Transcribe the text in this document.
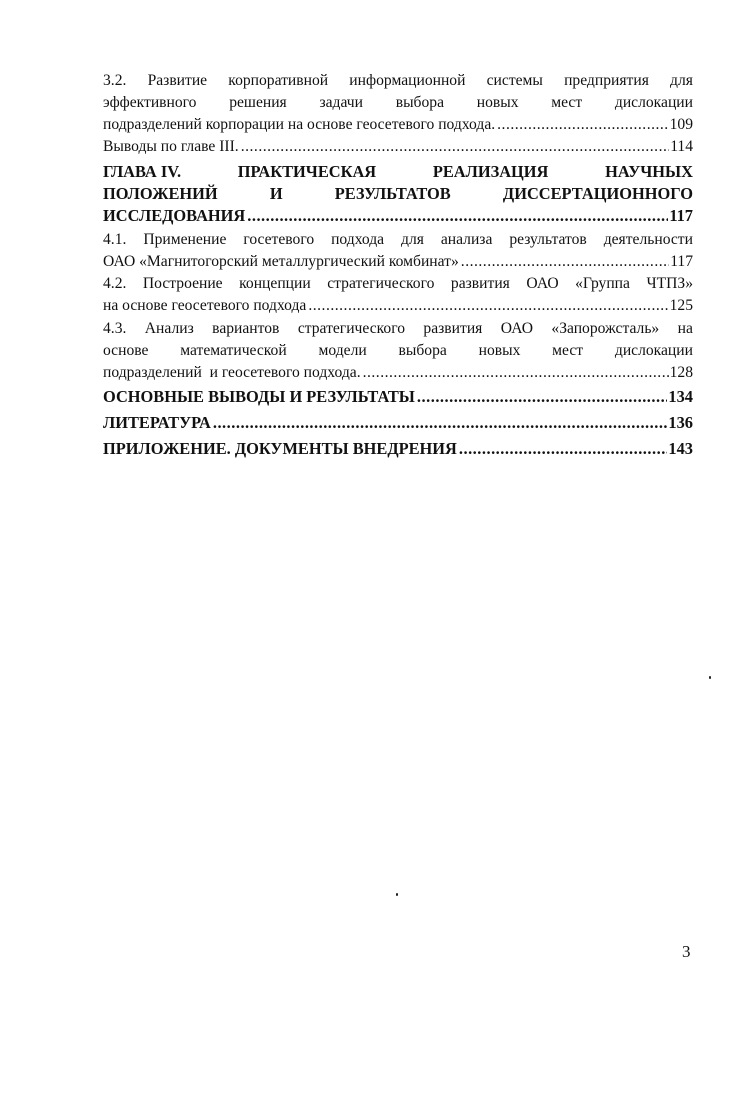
3.2. Развитие корпоративной информационной системы предприятия для
эффективного решения задачи выбора новых мест дислокации
подразделений корпорации на основе геосетевого подхода. .....	109
Выводы по главе III. .....	114
ГЛАВА IV.	ПРАКТИЧЕСКАЯ	РЕАЛИЗАЦИЯ	НАУЧНЫХ
ПОЛОЖЕНИЙ	И	РЕЗУЛЬТАТОВ	ДИССЕРТАЦИОННОГО
ИССЛЕДОВАНИЯ .....	117
4.1. Применение госетевого подхода для анализа результатов деятельности
ОАО «Магнитогорский металлургический комбинат» .....	117
4.2. Построение концепции стратегического развития ОАО «Группа ЧТПЗ»
на основе геосетевого подхода .....	125
4.3. Анализ вариантов стратегического развития ОАО «Запорожсталь» на
основе математической модели выбора новых мест дислокации
подразделений  и геосетевого подхода. .....	128
ОСНОВНЫЕ ВЫВОДЫ И РЕЗУЛЬТАТЫ .....	134
ЛИТЕРАТУРА .....	136
ПРИЛОЖЕНИЕ. ДОКУМЕНТЫ ВНЕДРЕНИЯ .....	143
3
